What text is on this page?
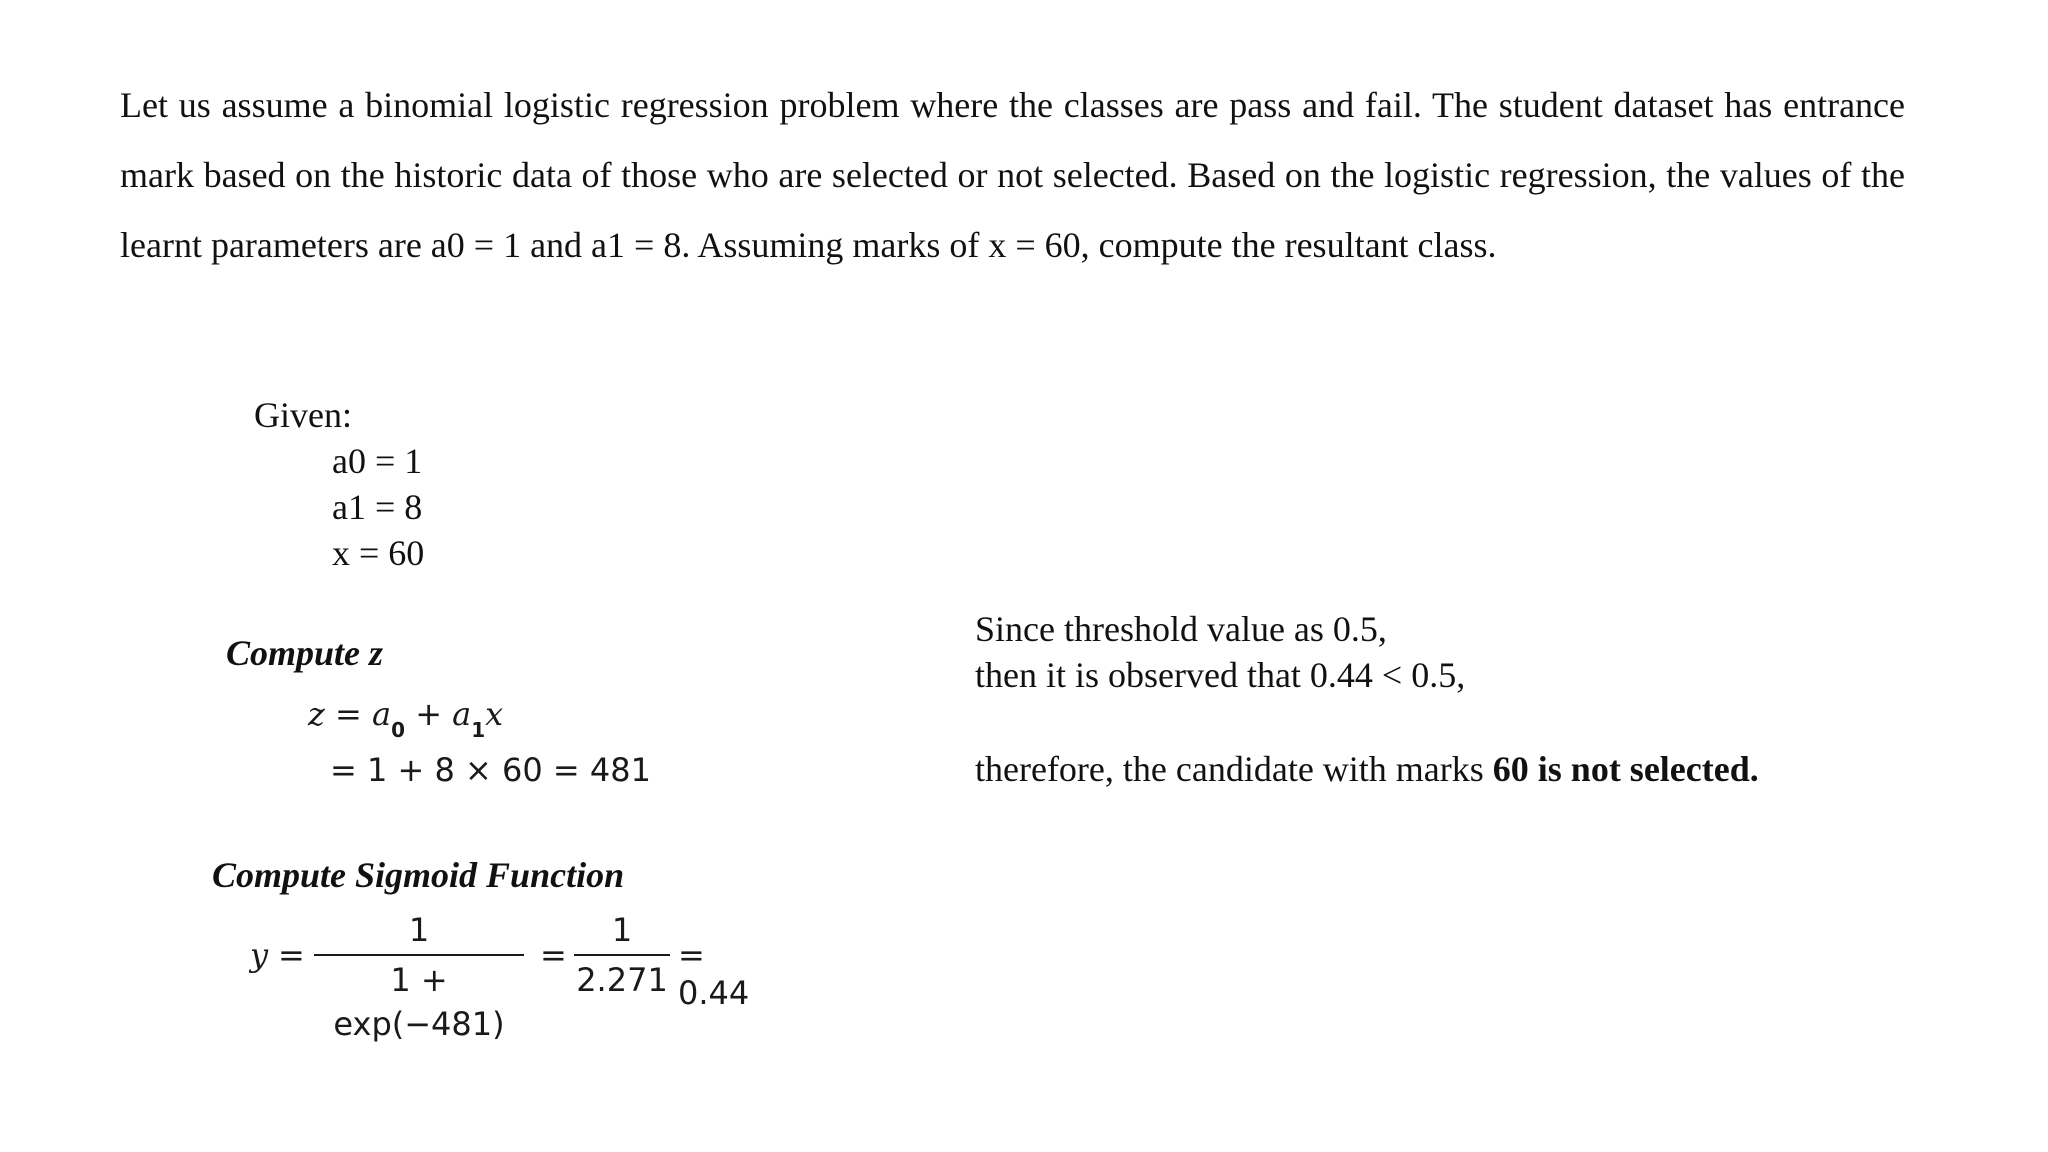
Let us assume a binomial logistic regression problem where the classes are pass and fail. The student dataset has entrance mark based on the historic data of those who are selected or not selected. Based on the logistic regression, the values of the learnt parameters are a0 = 1 and a1 = 8. Assuming marks of x = 60, compute the resultant class.

Given:
a0 = 1
a1 = 8
x = 60
Compute z
$z = a_0 + a_1x$
= 1 + 8 × 60 = 481
Compute Sigmoid Function
y =
1
1 + exp(−481)
=
1
2.271
= 0.44
Since threshold value as 0.5,
then it is observed that 0.44 < 0.5,
therefore, the candidate with marks 60 is not selected.
